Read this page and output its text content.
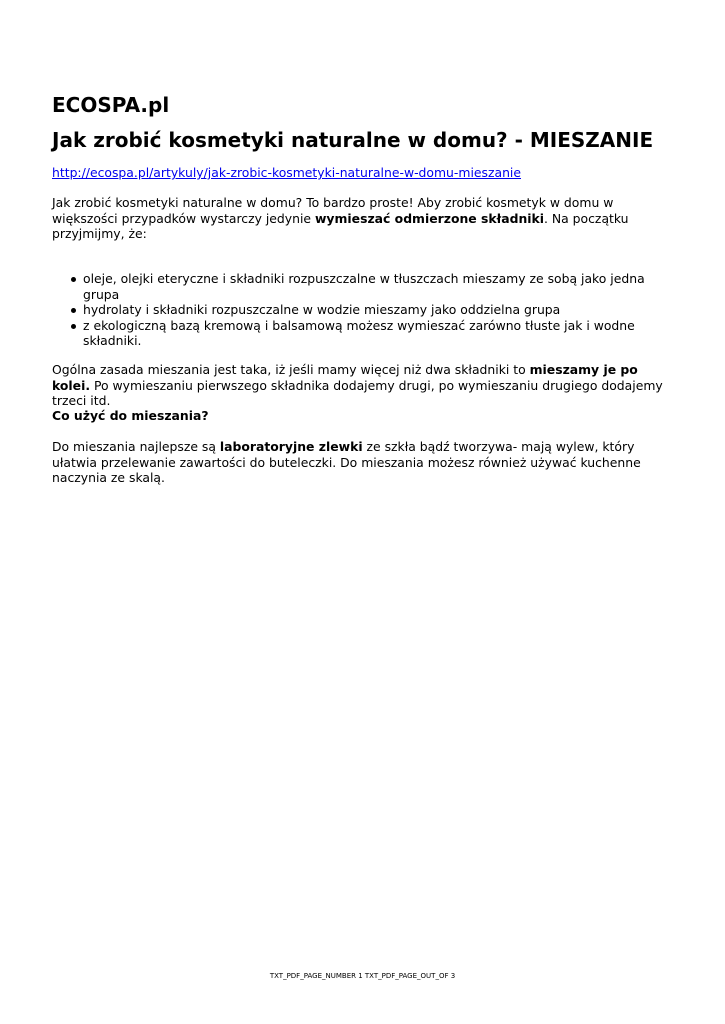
ECOSPA.pl
Jak zrobić kosmetyki naturalne w domu? - MIESZANIE
http://ecospa.pl/artykuly/jak-zrobic-kosmetyki-naturalne-w-domu-mieszanie

Jak zrobić kosmetyki naturalne w domu? To bardzo proste! Aby zrobić kosmetyk w domu w większości przypadków wystarczy jedynie wymieszać odmierzone składniki. Na początku przyjmijmy, że:

oleje, olejki eteryczne i składniki rozpuszczalne w tłuszczach mieszamy ze sobą jako jedna grupa
hydrolaty i składniki rozpuszczalne w wodzie mieszamy jako oddzielna grupa
z ekologiczną bazą kremową i balsamową możesz wymieszać zarówno tłuste jak i wodne składniki.

Ogólna zasada mieszania jest taka, iż jeśli mamy więcej niż dwa składniki to mieszamy je po kolei. Po wymieszaniu pierwszego składnika dodajemy drugi, po wymieszaniu drugiego dodajemy trzeci itd.

Co użyć do mieszania?

Do mieszania najlepsze są laboratoryjne zlewki ze szkła bądź tworzywa- mają wylew, który ułatwia przelewanie zawartości do buteleczki. Do mieszania możesz również używać kuchenne naczynia ze skalą.

TXT_PDF_PAGE_NUMBER 1 TXT_PDF_PAGE_OUT_OF 3
